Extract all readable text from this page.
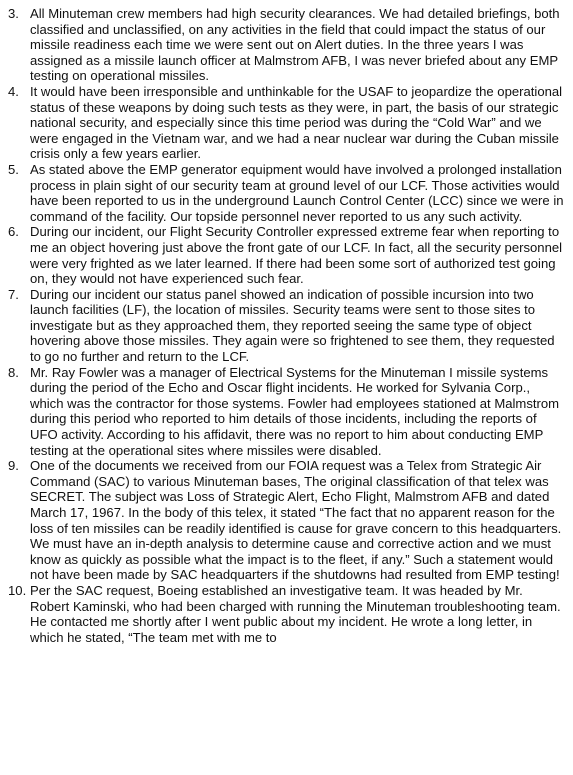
3. All Minuteman crew members had high security clearances. We had detailed briefings, both classified and unclassified, on any activities in the field that could impact the status of our missile readiness each time we were sent out on Alert duties. In the three years I was assigned as a missile launch officer at Malmstrom AFB, I was never briefed about any EMP testing on operational missiles.
4. It would have been irresponsible and unthinkable for the USAF to jeopardize the operational status of these weapons by doing such tests as they were, in part, the basis of our strategic national security, and especially since this time period was during the “Cold War” and we were engaged in the Vietnam war, and we had a near nuclear war during the Cuban missile crisis only a few years earlier.
5. As stated above the EMP generator equipment would have involved a prolonged installation process in plain sight of our security team at ground level of our LCF. Those activities would have been reported to us in the underground Launch Control Center (LCC) since we were in command of the facility. Our topside personnel never reported to us any such activity.
6. During our incident, our Flight Security Controller expressed extreme fear when reporting to me an object hovering just above the front gate of our LCF. In fact, all the security personnel were very frighted as we later learned. If there had been some sort of authorized test going on, they would not have experienced such fear.
7. During our incident our status panel showed an indication of possible incursion into two launch facilities (LF), the location of missiles. Security teams were sent to those sites to investigate but as they approached them, they reported seeing the same type of object hovering above those missiles. They again were so frightened to see them, they requested to go no further and return to the LCF.
8. Mr. Ray Fowler was a manager of Electrical Systems for the Minuteman I missile systems during the period of the Echo and Oscar flight incidents. He worked for Sylvania Corp., which was the contractor for those systems. Fowler had employees stationed at Malmstrom during this period who reported to him details of those incidents, including the reports of UFO activity. According to his affidavit, there was no report to him about conducting EMP testing at the operational sites where missiles were disabled.
9. One of the documents we received from our FOIA request was a Telex from Strategic Air Command (SAC) to various Minuteman bases, The original classification of that telex was SECRET. The subject was Loss of Strategic Alert, Echo Flight, Malmstrom AFB and dated March 17, 1967. In the body of this telex, it stated “The fact that no apparent reason for the loss of ten missiles can be readily identified is cause for grave concern to this headquarters. We must have an in-depth analysis to determine cause and corrective action and we must know as quickly as possible what the impact is to the fleet, if any.” Such a statement would not have been made by SAC headquarters if the shutdowns had resulted from EMP testing!
10. Per the SAC request, Boeing established an investigative team. It was headed by Mr. Robert Kaminski, who had been charged with running the Minuteman troubleshooting team. He contacted me shortly after I went public about my incident. He wrote a long letter, in which he stated, “The team met with me to
